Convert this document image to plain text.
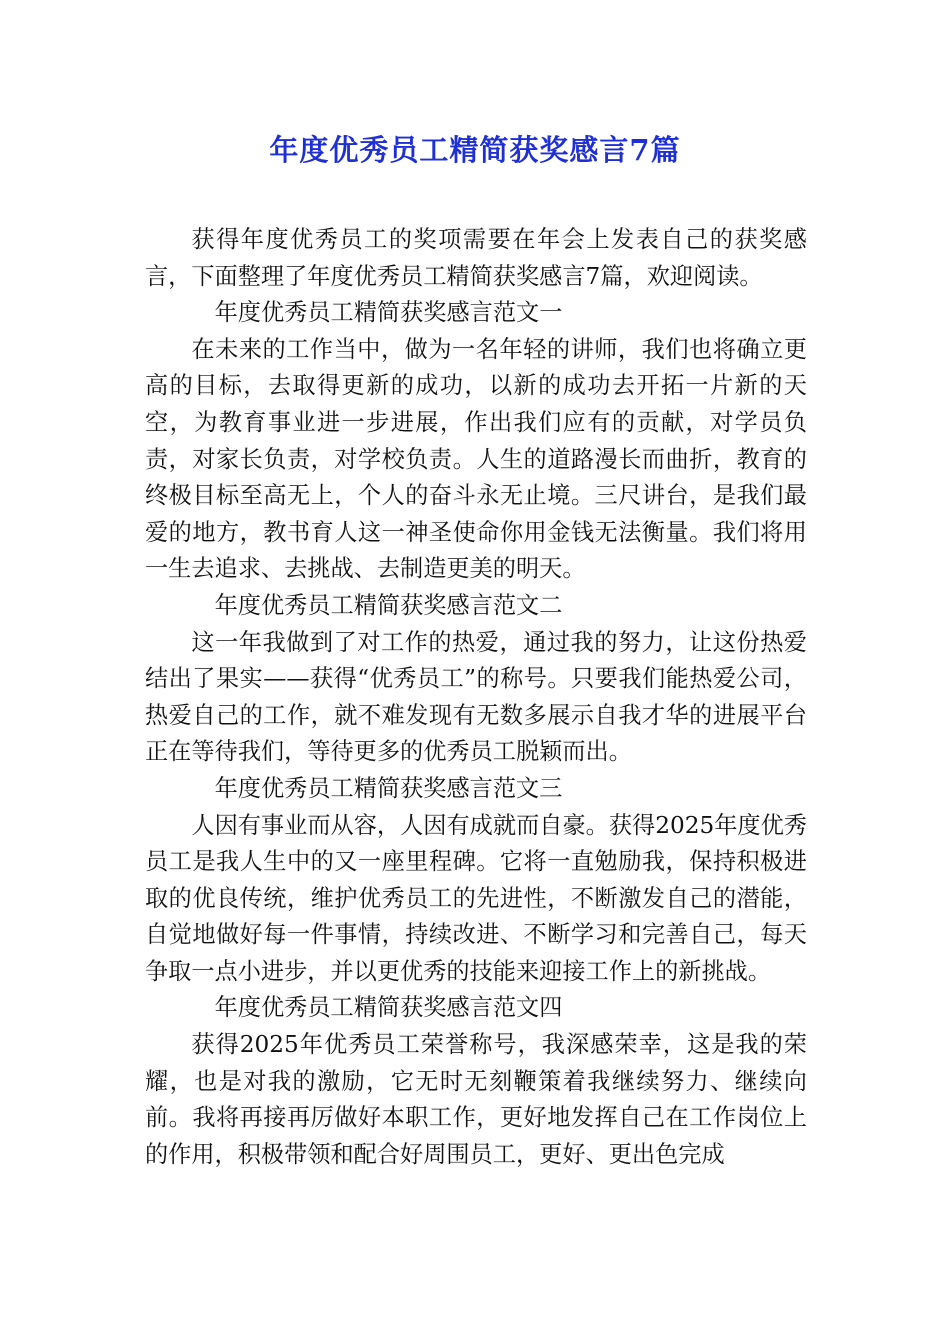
年度优秀员工精简获奖感言7篇

获得年度优秀员工的奖项需要在年会上发表自己的获奖感言，下面整理了年度优秀员工精简获奖感言7篇，欢迎阅读。

年度优秀员工精简获奖感言范文一

在未来的工作当中，做为一名年轻的讲师，我们也将确立更高的目标，去取得更新的成功，以新的成功去开拓一片新的天空，为教育事业进一步进展，作出我们应有的贡献，对学员负责，对家长负责，对学校负责。人生的道路漫长而曲折，教育的终极目标至高无上，个人的奋斗永无止境。三尺讲台，是我们最爱的地方，教书育人这一神圣使命你用金钱无法衡量。我们将用一生去追求、去挑战、去制造更美的明天。

年度优秀员工精简获奖感言范文二

这一年我做到了对工作的热爱，通过我的努力，让这份热爱结出了果实——获得“优秀员工”的称号。只要我们能热爱公司，热爱自己的工作，就不难发现有无数多展示自我才华的进展平台正在等待我们，等待更多的优秀员工脱颖而出。

年度优秀员工精简获奖感言范文三

人因有事业而从容，人因有成就而自豪。获得2025年度优秀员工是我人生中的又一座里程碑。它将一直勉励我，保持积极进取的优良传统，维护优秀员工的先进性，不断激发自己的潜能，自觉地做好每一件事情，持续改进、不断学习和完善自己，每天争取一点小进步，并以更优秀的技能来迎接工作上的新挑战。

年度优秀员工精简获奖感言范文四

获得2025年优秀员工荣誉称号，我深感荣幸，这是我的荣耀，也是对我的激励，它无时无刻鞭策着我继续努力、继续向前。我将再接再厉做好本职工作，更好地发挥自己在工作岗位上的作用，积极带领和配合好周围员工，更好、更出色完成
